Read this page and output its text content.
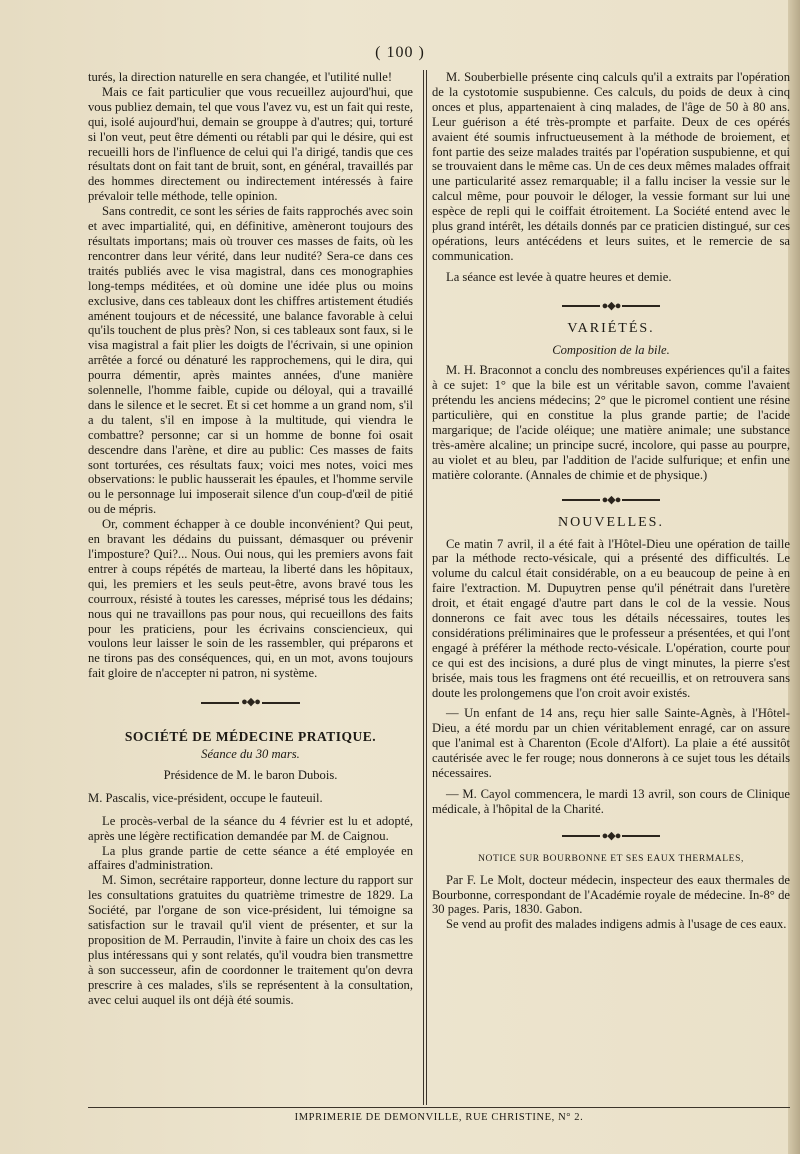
( 100 )

turés, la direction naturelle en sera changée, et l'utilité nulle!

Mais ce fait particulier que vous recueillez aujourd'hui, que vous publiez demain, tel que vous l'avez vu, est un fait qui reste, qui, isolé aujourd'hui, demain se grouppe à d'autres; qui, torturé si l'on veut, peut être démenti ou rétabli par qui le désire, qui est recueilli hors de l'influence de celui qui l'a dirigé, tandis que ces résultats dont on fait tant de bruit, sont, en général, travaillés par des hommes directement ou indirectement intéressés à faire prévaloir telle méthode, telle opinion.

Sans contredit, ce sont les séries de faits rapprochés avec soin et avec impartialité, qui, en définitive, amèneront toujours des résultats importans; mais où trouver ces masses de faits, où les rencontrer dans leur vérité, dans leur nudité? Sera-ce dans ces traités publiés avec le visa magistral, dans ces monographies long-temps méditées, et où domine une idée plus ou moins exclusive, dans ces tableaux dont les chiffres artistement étudiés aménent toujours et de nécessité, une balance favorable à celui qu'ils touchent de plus près? Non, si ces tableaux sont faux, si le visa magistral a fait plier les doigts de l'écrivain, si une opinion arrêtée a forcé ou dénaturé les rapprochemens, qui le dira, qui pourra démentir, après maintes années, d'une manière solennelle, l'homme faible, cupide ou déloyal, qui a travaillé dans le silence et le secret. Et si cet homme a un grand nom, s'il a du talent, s'il en impose à la multitude, qui viendra le combattre? personne; car si un homme de bonne foi osait descendre dans l'arène, et dire au public: Ces masses de faits sont torturées, ces résultats faux; voici mes notes, voici mes observations: le public hausserait les épaules, et l'homme servile ou le personnage lui imposerait silence d'un coup-d'œil de pitié ou de mépris.

Or, comment échapper à ce double inconvénient? Qui peut, en bravant les dédains du puissant, démasquer ou prévenir l'imposture? Qui?... Nous. Oui nous, qui les premiers avons fait entrer à coups répétés de marteau, la liberté dans les hôpitaux, qui, les premiers et les seuls peut-être, avons bravé tous les courroux, résisté à toutes les caresses, méprisé tous les dédains; nous qui ne travaillons pas pour nous, qui recueillons des faits pour les praticiens, pour les écrivains consciencieux, qui voulons leur laisser le soin de les rassembler, qui préparons et ne tirons pas des conséquences, qui, en un mot, avons toujours fait gloire de n'accepter ni patron, ni système.

●◆●
SOCIÉTÉ DE MÉDECINE PRATIQUE.
Séance du 30 mars.

Présidence de M. le baron Dubois.

M. Pascalis, vice-président, occupe le fauteuil.

Le procès-verbal de la séance du 4 février est lu et adopté, après une légère rectification demandée par M. de Caignou.

La plus grande partie de cette séance a été employée en affaires d'administration.

M. Simon, secrétaire rapporteur, donne lecture du rapport sur les consultations gratuites du quatrième trimestre de 1829. La Société, par l'organe de son vice-président, lui témoigne sa satisfaction sur le travail qu'il vient de présenter, et sur la proposition de M. Perraudin, l'invite à faire un choix des cas les plus intéressans qui y sont relatés, qu'il voudra bien transmettre à son successeur, afin de coordonner le traitement qu'on devra prescrire à ces malades, s'ils se représentent à la consultation, avec celui auquel ils ont déjà été soumis.

M. Souberbielle présente cinq calculs qu'il a extraits par l'opération de la cystotomie suspubienne. Ces calculs, du poids de deux à cinq onces et plus, appartenaient à cinq malades, de l'âge de 50 à 80 ans. Leur guérison a été très-prompte et parfaite. Deux de ces opérés avaient été soumis infructueusement à la méthode de broiement, et font partie des seize malades traités par l'opération suspubienne, et qui se trouvaient dans le même cas. Un de ces deux mêmes malades offrait une particularité assez remarquable; il a fallu inciser la vessie sur le calcul même, pour pouvoir le déloger, la vessie formant sur lui une espèce de repli qui le coiffait étroitement. La Société entend avec le plus grand intérêt, les détails donnés par ce praticien distingué, sur ces opérations, leurs antécédens et leurs suites, et le remercie de sa communication.

La séance est levée à quatre heures et demie.

●◆●
VARIÉTÉS.
Composition de la bile.

M. H. Braconnot a conclu des nombreuses expériences qu'il a faites à ce sujet: 1° que la bile est un véritable savon, comme l'avaient prétendu les anciens médecins; 2° que le picromel contient une résine particulière, qui en constitue la plus grande partie; de l'acide margarique; de l'acide oléique; une matière animale; une substance très-amère alcaline; un principe sucré, incolore, qui passe au pourpre, au violet et au bleu, par l'addition de l'acide sulfurique; et enfin une matière colorante. (Annales de chimie et de physique.)

●◆●
NOUVELLES.

Ce matin 7 avril, il a été fait à l'Hôtel-Dieu une opération de taille par la méthode recto-vésicale, qui a présenté des difficultés. Le volume du calcul était considérable, on a eu beaucoup de peine à en faire l'extraction. M. Dupuytren pense qu'il pénétrait dans l'uretère droit, et était engagé d'autre part dans le col de la vessie. Nous donnerons ce fait avec tous les détails nécessaires, toutes les considérations préliminaires que le professeur a présentées, et qui l'ont engagé à préférer la méthode recto-vésicale. L'opération, courte pour ce qui est des incisions, a duré plus de vingt minutes, la pierre s'est brisée, mais tous les fragmens ont été recueillis, et on retrouvera sans doute les prolongemens que l'on croit avoir existés.

— Un enfant de 14 ans, reçu hier salle Sainte-Agnès, à l'Hôtel-Dieu, a été mordu par un chien véritablement enragé, car on assure que l'animal est à Charenton (Ecole d'Alfort). La plaie a été aussitôt cautérisée avec le fer rouge; nous donnerons à ce sujet tous les détails nécessaires.

— M. Cayol commencera, le mardi 13 avril, son cours de Clinique médicale, à l'hôpital de la Charité.

●◆●
NOTICE SUR BOURBONNE ET SES EAUX THERMALES,

Par F. Le Molt, docteur médecin, inspecteur des eaux thermales de Bourbonne, correspondant de l'Académie royale de médecine. In-8° de 30 pages. Paris, 1830. Gabon.

Se vend au profit des malades indigens admis à l'usage de ces eaux.

IMPRIMERIE DE DEMONVILLE, RUE CHRISTINE, N° 2.
